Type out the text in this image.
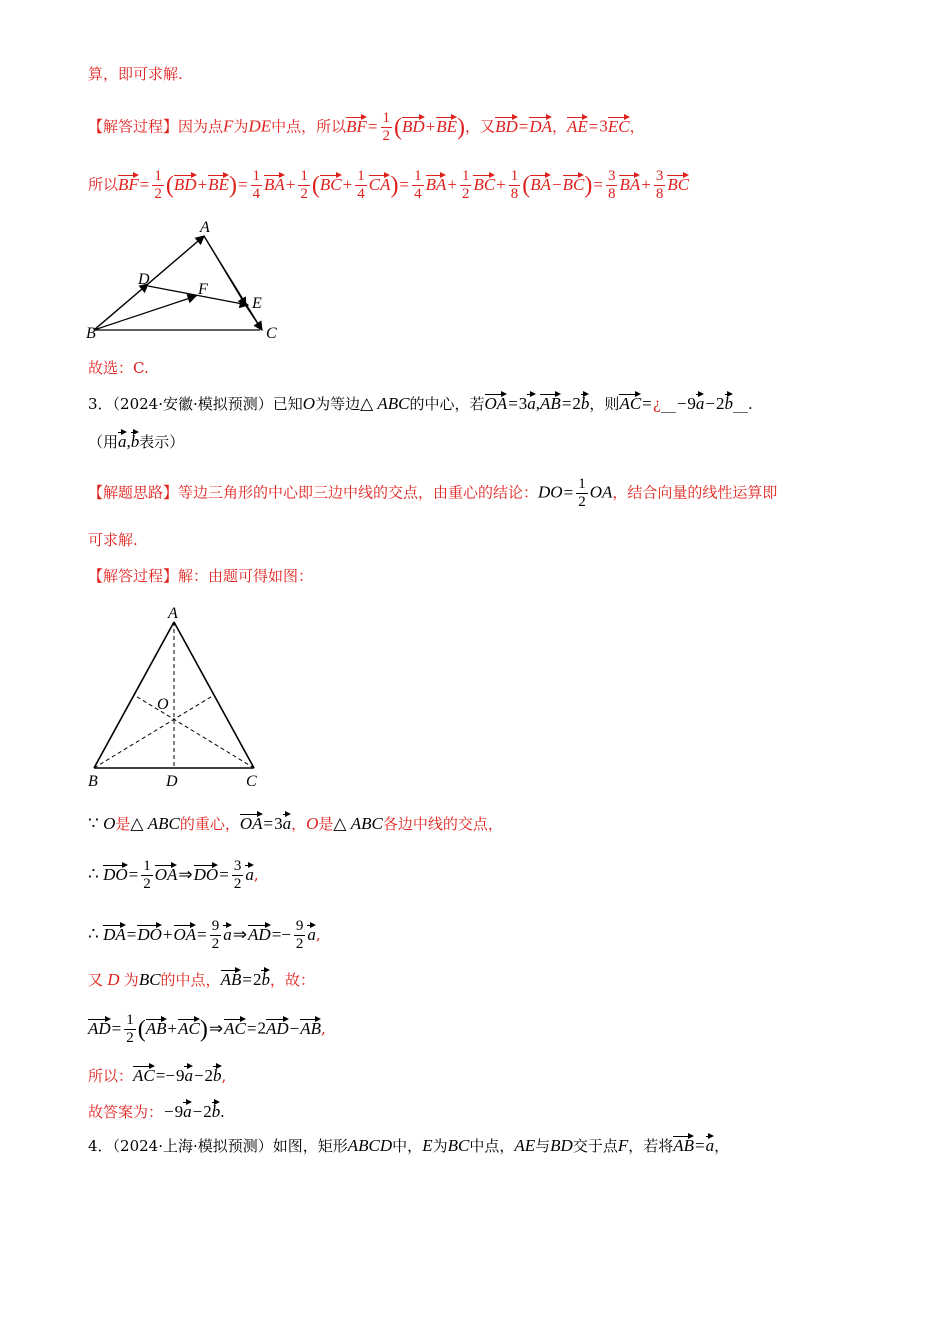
算，即可求解.
【解答过程】因为点F为DE中点，所以$BF= \frac{1}{2} (BD+BE)$，又BD=DA，AE=3EC，
所以$BF= \frac{1}{2} (BD+BE)= \frac{1}{4} BA+ \frac{1}{2} (BC+ \frac{1}{4} CA)= \frac{1}{4} BA+ \frac{1}{2} BC+ \frac{1}{8} (BA-BC)= \frac{3}{8} BA+ \frac{3}{8}$ BC
A
D
F
E
B	C
故选：C.
3．（2024·安徽·模拟预测）已知O为等边△ ABC的中心，若OA=3a,AB=2b，则AC=¿__−9a−2b__.
（用a,b表示）
【解题思路】等边三角形的中心即三边中线的交点，由重心的结论：$DO= \frac{1}{2}$ OA，结合向量的线性运算即
可求解.
【解答过程】解：由题可得如图：
A
O
B	D	C
∵ O是△ ABC的重心，OA=3a，O是△ ABC各边中线的交点，
∴ $DO= \frac{1}{2}$ OA⇒DO= $\frac{3}{2} a$,
∴ $DA=DO+OA= \frac{9}{2}$ a⇒AD=− $\frac{9}{2} a$,
又 D 为BC的中点，AB=2b，故：
$AD= \frac{1}{2}$ (AB+AC)⇒AC=2AD−AB,
所以：AC=−9a−2b,
故答案为：−9a−2b.
4．（2024·上海·模拟预测）如图，矩形ABCD中，E为BC中点，AE与BD交于点F，若将AB=a，
